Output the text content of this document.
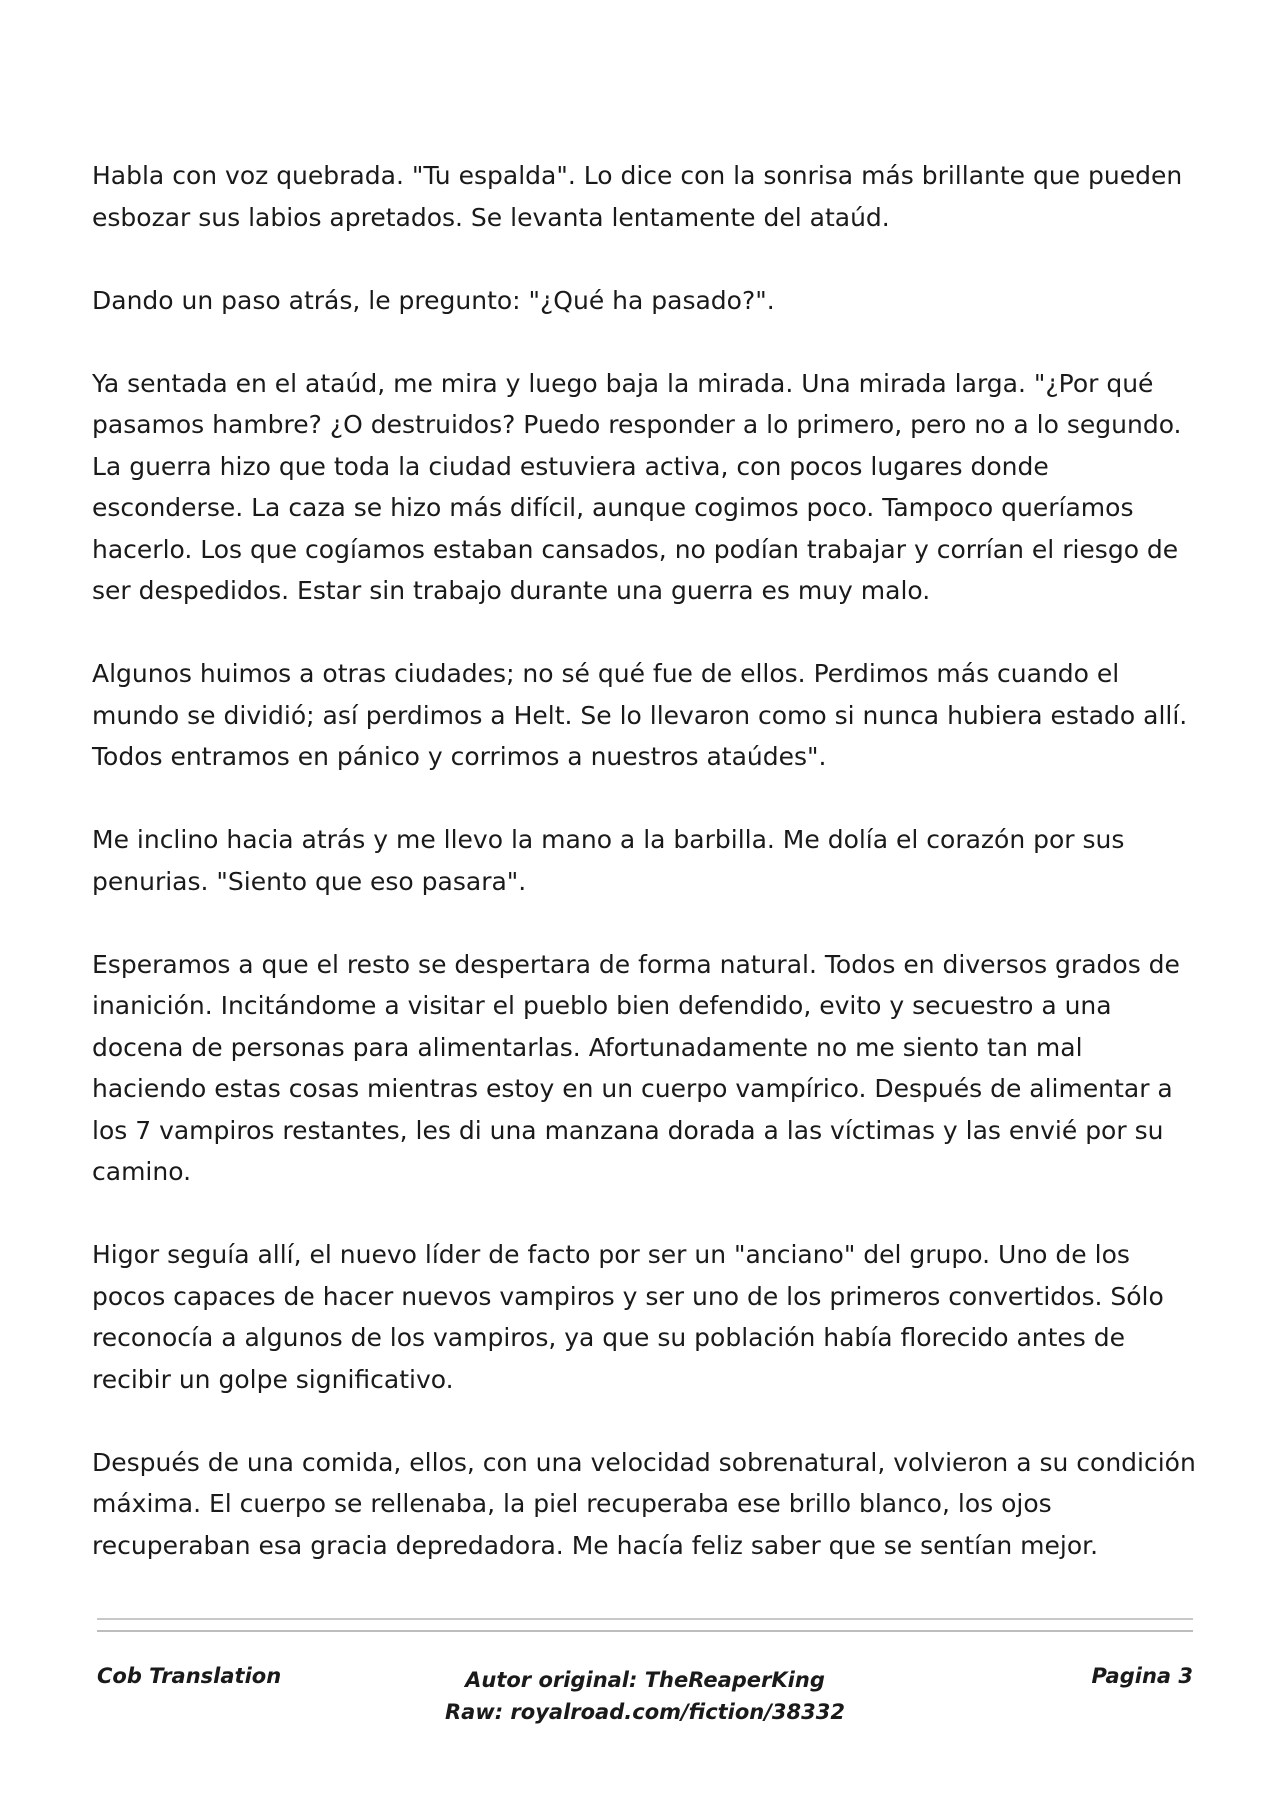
Habla con voz quebrada. "Tu espalda". Lo dice con la sonrisa más brillante que pueden esbozar sus labios apretados. Se levanta lentamente del ataúd.

Dando un paso atrás, le pregunto: "¿Qué ha pasado?".

Ya sentada en el ataúd, me mira y luego baja la mirada. Una mirada larga. "¿Por qué pasamos hambre? ¿O destruidos? Puedo responder a lo primero, pero no a lo segundo. La guerra hizo que toda la ciudad estuviera activa, con pocos lugares donde esconderse. La caza se hizo más difícil, aunque cogimos poco. Tampoco queríamos hacerlo. Los que cogíamos estaban cansados, no podían trabajar y corrían el riesgo de ser despedidos. Estar sin trabajo durante una guerra es muy malo.

Algunos huimos a otras ciudades; no sé qué fue de ellos. Perdimos más cuando el mundo se dividió; así perdimos a Helt. Se lo llevaron como si nunca hubiera estado allí. Todos entramos en pánico y corrimos a nuestros ataúdes".

Me inclino hacia atrás y me llevo la mano a la barbilla. Me dolía el corazón por sus penurias. "Siento que eso pasara".

Esperamos a que el resto se despertara de forma natural. Todos en diversos grados de inanición. Incitándome a visitar el pueblo bien defendido, evito y secuestro a una docena de personas para alimentarlas. Afortunadamente no me siento tan mal haciendo estas cosas mientras estoy en un cuerpo vampírico. Después de alimentar a los 7 vampiros restantes, les di una manzana dorada a las víctimas y las envié por su camino.

Higor seguía allí, el nuevo líder de facto por ser un "anciano" del grupo. Uno de los pocos capaces de hacer nuevos vampiros y ser uno de los primeros convertidos. Sólo reconocía a algunos de los vampiros, ya que su población había florecido antes de recibir un golpe significativo.

Después de una comida, ellos, con una velocidad sobrenatural, volvieron a su condición máxima. El cuerpo se rellenaba, la piel recuperaba ese brillo blanco, los ojos recuperaban esa gracia depredadora. Me hacía feliz saber que se sentían mejor.

Cob Translation	Autor original: TheReaperKing
Raw: royalroad.com/fiction/38332
Pagina 3
